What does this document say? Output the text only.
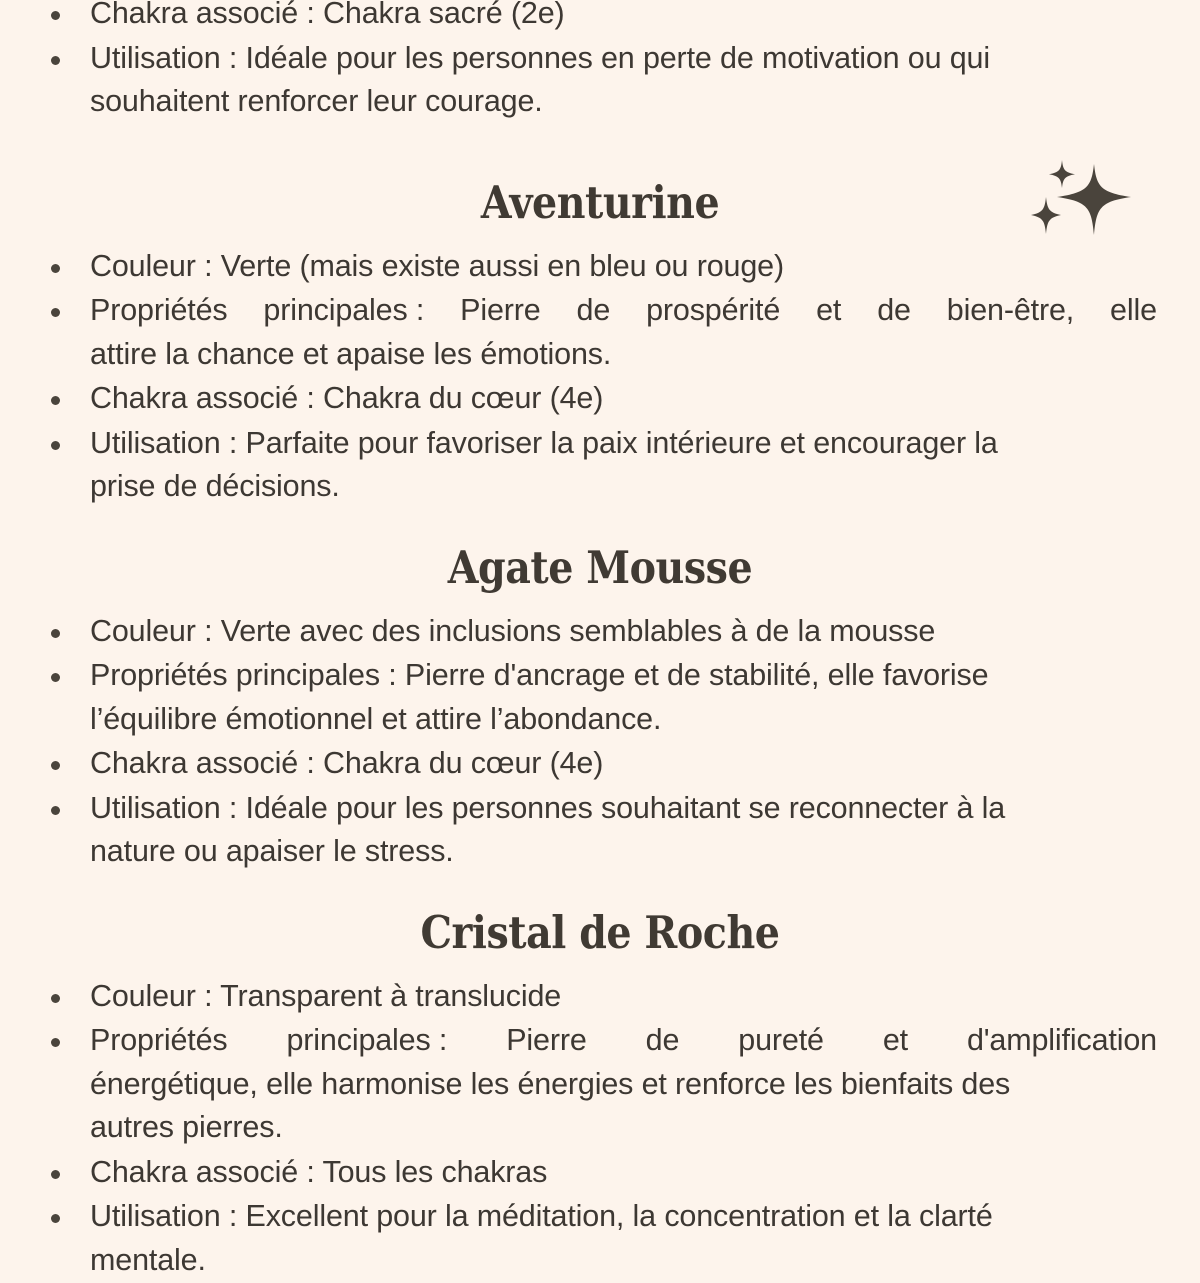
Chakra associé : Chakra sacré (2e)
Utilisation : Idéale pour les personnes en perte de motivation ou qui
souhaitent renforcer leur courage.
Aventurine
Couleur : Verte (mais existe aussi en bleu ou rouge)
Propriétés principales : Pierre de prospérité et de bien-être, elle
attire la chance et apaise les émotions.
Chakra associé : Chakra du cœur (4e)
Utilisation : Parfaite pour favoriser la paix intérieure et encourager la
prise de décisions.
Agate Mousse
Couleur : Verte avec des inclusions semblables à de la mousse
Propriétés principales : Pierre d'ancrage et de stabilité, elle favorise
l’équilibre émotionnel et attire l’abondance.
Chakra associé : Chakra du cœur (4e)
Utilisation : Idéale pour les personnes souhaitant se reconnecter à la
nature ou apaiser le stress.
Cristal de Roche
Couleur : Transparent à translucide
Propriétés principales : Pierre de pureté et d'amplification
énergétique, elle harmonise les énergies et renforce les bienfaits des
autres pierres.
Chakra associé : Tous les chakras
Utilisation : Excellent pour la méditation, la concentration et la clarté
mentale.
